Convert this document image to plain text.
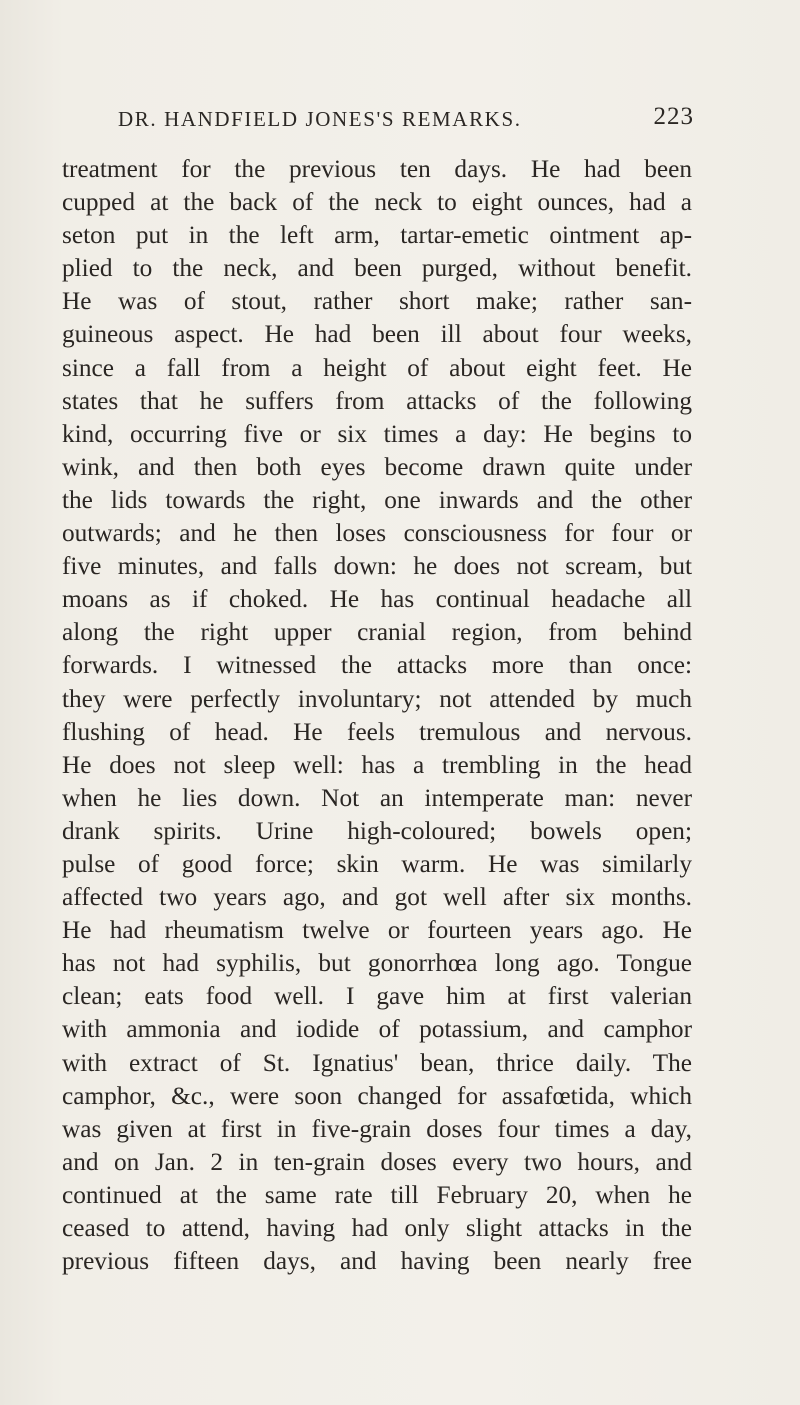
DR. HANDFIELD JONES'S REMARKS.	223
treatment for the previous ten days. He had been
cupped at the back of the neck to eight ounces, had a
seton put in the left arm, tartar-emetic ointment ap-
plied to the neck, and been purged, without benefit.
He was of stout, rather short make; rather san-
guineous aspect. He had been ill about four weeks,
since a fall from a height of about eight feet. He
states that he suffers from attacks of the following
kind, occurring five or six times a day: He begins to
wink, and then both eyes become drawn quite under
the lids towards the right, one inwards and the other
outwards; and he then loses consciousness for four or
five minutes, and falls down: he does not scream, but
moans as if choked. He has continual headache all
along the right upper cranial region, from behind
forwards. I witnessed the attacks more than once:
they were perfectly involuntary; not attended by much
flushing of head. He feels tremulous and nervous.
He does not sleep well: has a trembling in the head
when he lies down. Not an intemperate man: never
drank spirits. Urine high-coloured; bowels open;
pulse of good force; skin warm. He was similarly
affected two years ago, and got well after six months.
He had rheumatism twelve or fourteen years ago. He
has not had syphilis, but gonorrhœa long ago. Tongue
clean; eats food well. I gave him at first valerian
with ammonia and iodide of potassium, and camphor
with extract of St. Ignatius' bean, thrice daily. The
camphor, &c., were soon changed for assafœtida, which
was given at first in five-grain doses four times a day,
and on Jan. 2 in ten-grain doses every two hours, and
continued at the same rate till February 20, when he
ceased to attend, having had only slight attacks in the
previous fifteen days, and having been nearly free
